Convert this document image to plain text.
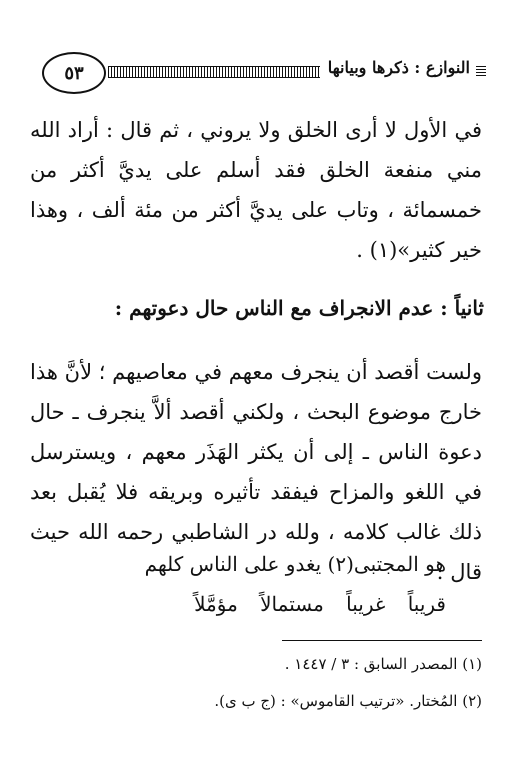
٥٣	النوازع : ذكرها وبيانها
في الأول لا أرى الخلق ولا يروني ، ثم قال : أراد الله مني منفعة الخلق فقد أسلم على يديَّ أكثر من خمسمائة ، وتاب على يديَّ أكثر من مئة ألف ، وهذا خير كثير»(١) .
ثانياً : عدم الانجراف مع الناس حال دعوتهم :
ولست أقصد أن ينجرف معهم في معاصيهم ؛ لأنَّ هذا خارج موضوع البحث ، ولكني أقصد ألاَّ ينجرف ـ حال دعوة الناس ـ إلى أن يكثر الهَذَر معهم ، ويسترسل في اللغو والمزاح فيفقد تأثيره وبريقه فلا يُقبل بعد ذلك غالب كلامه ، ولله در الشاطبي رحمه الله حيث قال :
هو المجتبى(٢) يغدو على الناس كلهم
قريباً غريباً مستمالاً مؤمَّلاً
(١) المصدر السابق : ٣ / ١٤٤٧ .
(٢) المُختار. «ترتيب القاموس» : (ج ب ى).
